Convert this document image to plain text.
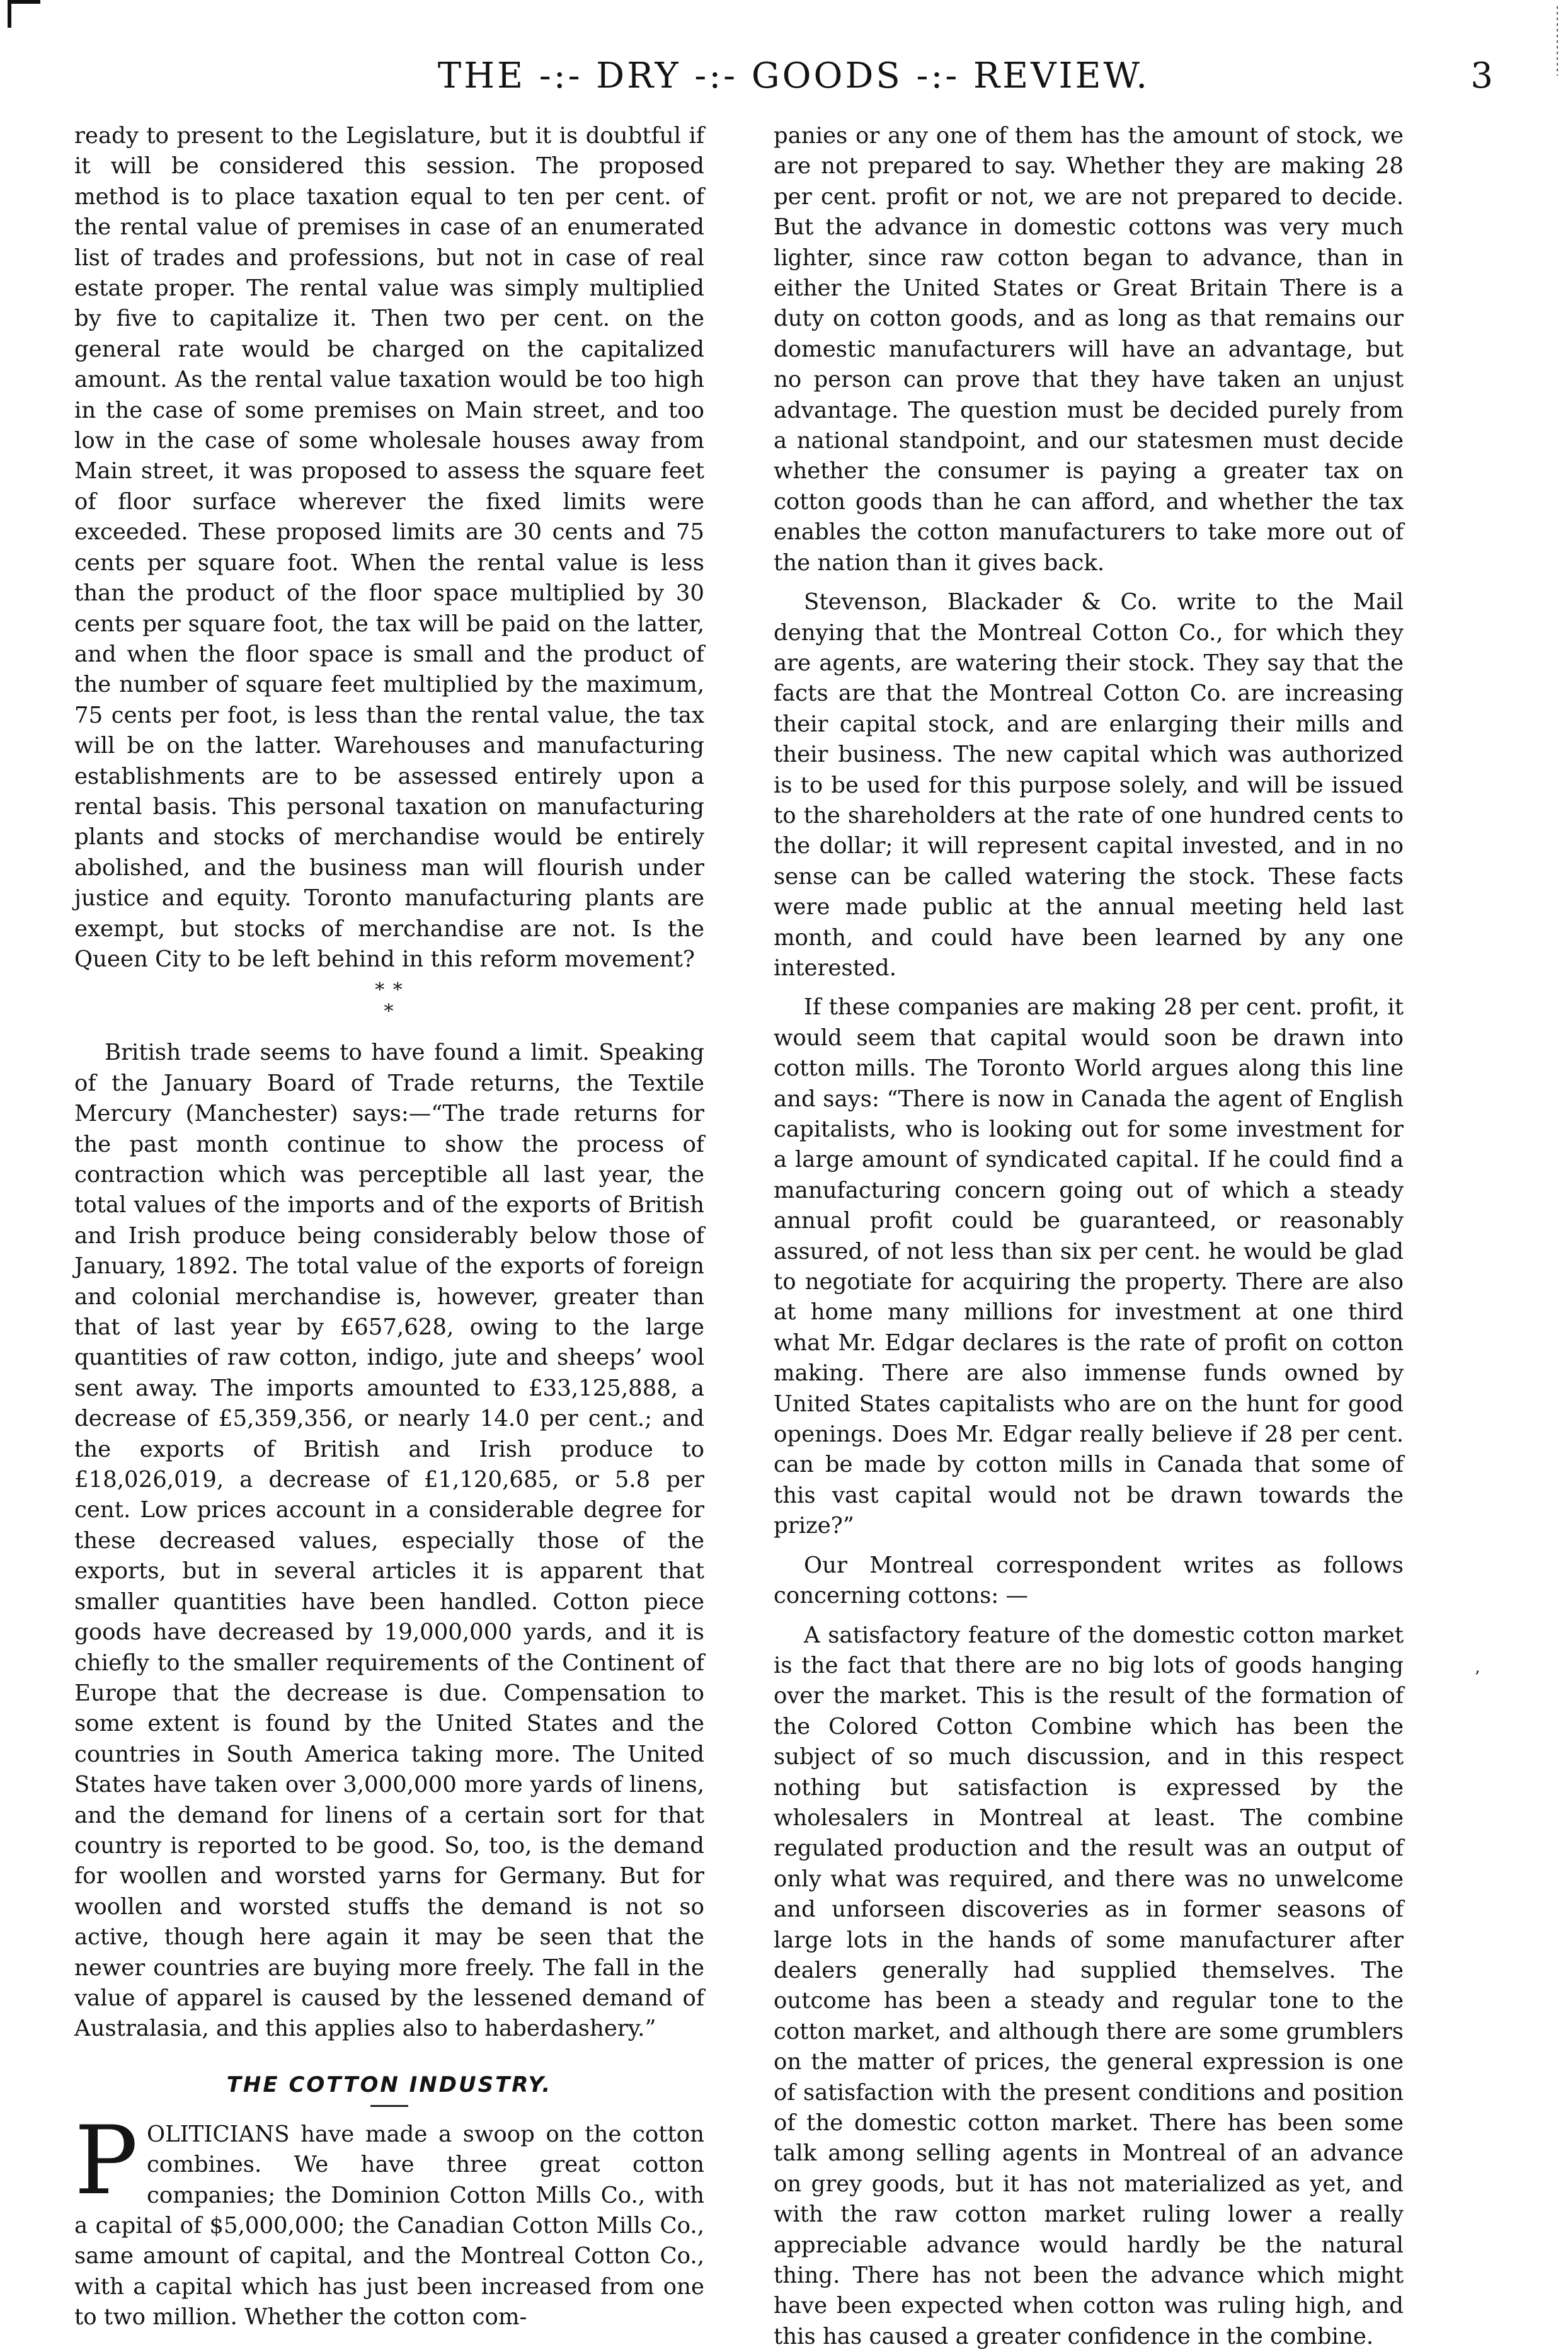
THE -:- DRY -:- GOODS -:- REVIEW.	3

ready to present to the Legislature, but it is doubtful if it will be considered this session. The proposed method is to place taxation equal to ten per cent. of the rental value of premises in case of an enumerated list of trades and professions, but not in case of real estate proper. The rental value was simply multiplied by five to capitalize it. Then two per cent. on the general rate would be charged on the capitalized amount. As the rental value taxation would be too high in the case of some premises on Main street, and too low in the case of some wholesale houses away from Main street, it was proposed to assess the square feet of floor surface wherever the fixed limits were exceeded. These proposed limits are 30 cents and 75 cents per square foot. When the rental value is less than the product of the floor space multiplied by 30 cents per square foot, the tax will be paid on the latter, and when the floor space is small and the product of the number of square feet multiplied by the maximum, 75 cents per foot, is less than the rental value, the tax will be on the latter. Warehouses and manufacturing establishments are to be assessed entirely upon a rental basis. This personal taxation on manufacturing plants and stocks of merchandise would be entirely abolished, and the business man will flourish under justice and equity. Toronto manufacturing plants are exempt, but stocks of merchandise are not. Is the Queen City to be left behind in this reform movement?

* *
*

British trade seems to have found a limit. Speaking of the January Board of Trade returns, the Textile Mercury (Manchester) says:—“The trade returns for the past month continue to show the process of contraction which was perceptible all last year, the total values of the imports and of the exports of British and Irish produce being considerably below those of January, 1892. The total value of the exports of foreign and colonial merchandise is, however, greater than that of last year by £657,628, owing to the large quantities of raw cotton, indigo, jute and sheeps’ wool sent away. The imports amounted to £33,125,888, a decrease of £5,359,356, or nearly 14.0 per cent.; and the exports of British and Irish produce to £18,026,019, a decrease of £1,120,685, or 5.8 per cent. Low prices account in a considerable degree for these decreased values, especially those of the exports, but in several articles it is apparent that smaller quantities have been handled. Cotton piece goods have decreased by 19,000,000 yards, and it is chiefly to the smaller requirements of the Continent of Europe that the decrease is due. Compensation to some extent is found by the United States and the countries in South America taking more. The United States have taken over 3,000,000 more yards of linens, and the demand for linens of a certain sort for that country is reported to be good. So, too, is the demand for woollen and worsted yarns for Germany. But for woollen and worsted stuffs the demand is not so active, though here again it may be seen that the newer countries are buying more freely. The fall in the value of apparel is caused by the lessened demand of Australasia, and this applies also to haberdashery.”

THE COTTON INDUSTRY.
P OLITICIANS have made a swoop on the cotton combines. We have three great cotton companies; the Dominion Cotton Mills Co., with a capital of $5,000,000; the Canadian Cotton Mills Co., same amount of capital, and the Montreal Cotton Co., with a capital which has just been increased from one to two million. Whether the cotton com-

panies or any one of them has the amount of stock, we are not prepared to say. Whether they are making 28 per cent. profit or not, we are not prepared to decide. But the advance in domestic cottons was very much lighter, since raw cotton began to advance, than in either the United States or Great Britain There is a duty on cotton goods, and as long as that remains our domestic manufacturers will have an advantage, but no person can prove that they have taken an unjust advantage. The question must be decided purely from a national standpoint, and our statesmen must decide whether the consumer is paying a greater tax on cotton goods than he can afford, and whether the tax enables the cotton manufacturers to take more out of the nation than it gives back.

Stevenson, Blackader & Co. write to the Mail denying that the Montreal Cotton Co., for which they are agents, are watering their stock. They say that the facts are that the Montreal Cotton Co. are increasing their capital stock, and are enlarging their mills and their business. The new capital which was authorized is to be used for this purpose solely, and will be issued to the shareholders at the rate of one hundred cents to the dollar; it will represent capital invested, and in no sense can be called watering the stock. These facts were made public at the annual meeting held last month, and could have been learned by any one interested.

If these companies are making 28 per cent. profit, it would seem that capital would soon be drawn into cotton mills. The Toronto World argues along this line and says: “There is now in Canada the agent of English capitalists, who is looking out for some investment for a large amount of syndicated capital. If he could find a manufacturing concern going out of which a steady annual profit could be guaranteed, or reasonably assured, of not less than six per cent. he would be glad to negotiate for acquiring the property. There are also at home many millions for investment at one third what Mr. Edgar declares is the rate of profit on cotton making. There are also immense funds owned by United States capitalists who are on the hunt for good openings. Does Mr. Edgar really believe if 28 per cent. can be made by cotton mills in Canada that some of this vast capital would not be drawn towards the prize?”

Our Montreal correspondent writes as follows concerning cottons: —

A satisfactory feature of the domestic cotton market is the fact that there are no big lots of goods hanging over the market. This is the result of the formation of the Colored Cotton Combine which has been the subject of so much discussion, and in this respect nothing but satisfaction is expressed by the wholesalers in Montreal at least. The combine regulated production and the result was an output of only what was required, and there was no unwelcome and unforseen discoveries as in former seasons of large lots in the hands of some manufacturer after dealers generally had supplied themselves. The outcome has been a steady and regular tone to the cotton market, and although there are some grumblers on the matter of prices, the general expression is one of satisfaction with the present conditions and position of the domestic cotton market. There has been some talk among selling agents in Montreal of an advance on grey goods, but it has not materialized as yet, and with the raw cotton market ruling lower a really appreciable advance would hardly be the natural thing. There has not been the advance which might have been expected when cotton was ruling high, and this has caused a greater confidence in the combine.

ʼ
